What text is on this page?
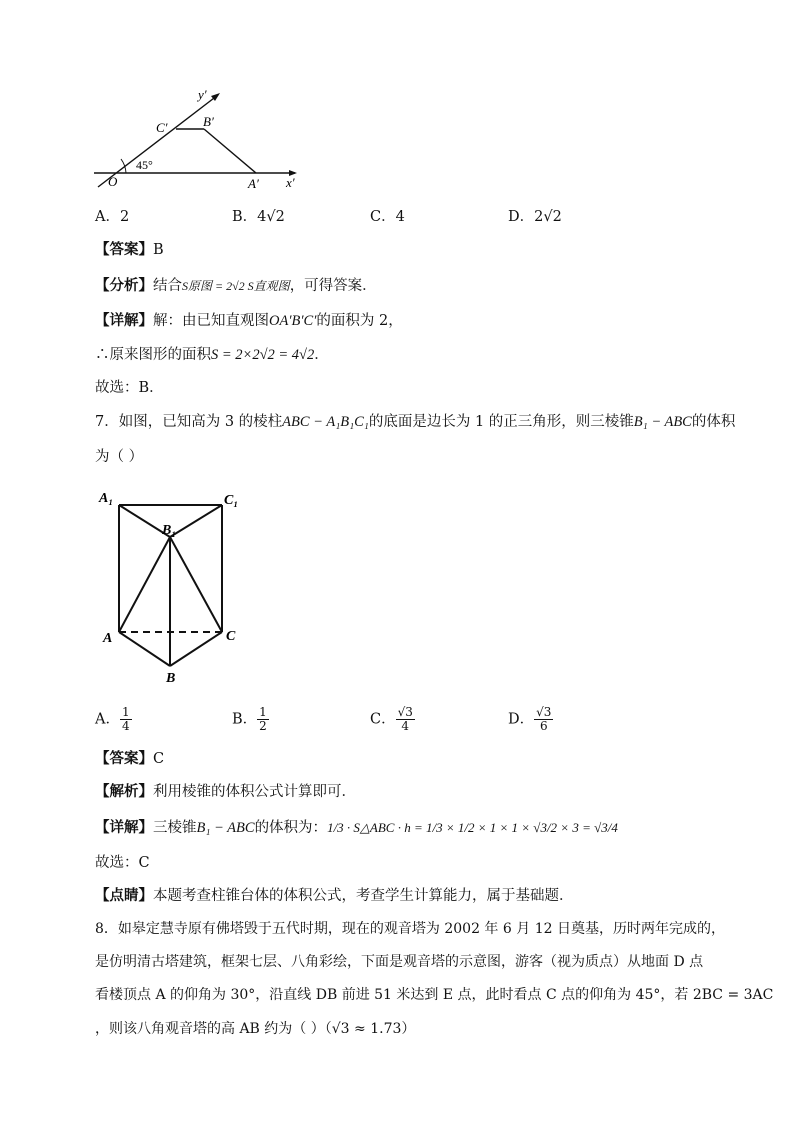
y′
x′
O	A′
B′
C′
45°
A．2	B．4√2	C．4	D．2√2
【答案】B
【分析】结合S原图 = 2√2 S直观图，可得答案．
【详解】解：由已知直观图OA′B′C′的面积为 2，
∴原来图形的面积S = 2×2√2 = 4√2．
故选：B．
7．如图，已知高为 3 的棱柱ABC − A₁B₁C₁的底面是边长为 1 的正三角形，则三棱锥B₁ − ABC的体积
为（ ）
A₁	C₁
B₁
A	C
B
A． $\frac{1}{4}$	B． $\frac{1}{2}$	C． $\frac{√3}{4}$	D． $\frac{√3}{6}$
【答案】C
【解析】利用棱锥的体积公式计算即可．
【详解】三棱锥B₁ − ABC的体积为：1/3 · S△ABC · h = 1/3 × 1/2 × 1 × 1 × √3/2 × 3 = √3/4
故选：C
【点睛】本题考查柱锥台体的体积公式，考查学生计算能力，属于基础题．
8．如皋定慧寺原有佛塔毁于五代时期，现在的观音塔为 2002 年 6 月 12 日奠基，历时两年完成的，
是仿明清古塔建筑，框架七层、八角彩绘，下面是观音塔的示意图，游客（视为质点）从地面 D 点
看楼顶点 A 的仰角为 30°，沿直线 DB 前进 51 米达到 E 点，此时看点 C 点的仰角为 45°，若 2BC = 3AC
，则该八角观音塔的高 AB 约为（ ）（√3 ≈ 1.73）
